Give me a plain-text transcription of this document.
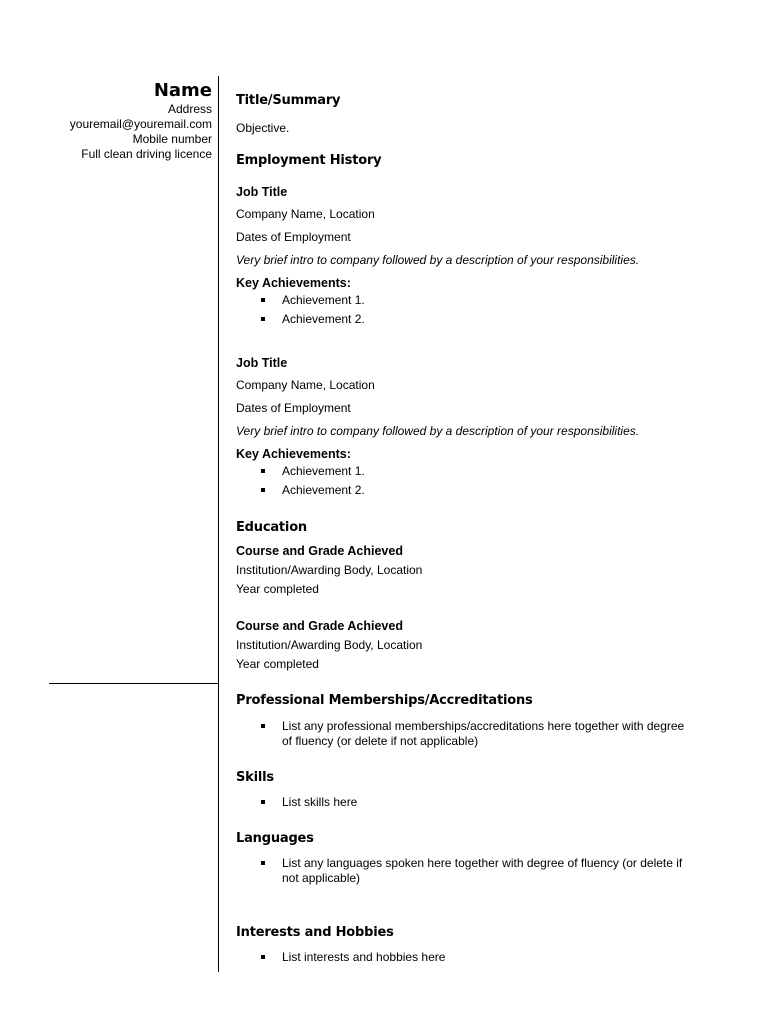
Name
Address
youremail@youremail.com
Mobile number
Full clean driving licence
Title/Summary
Objective.
Employment History
Job Title
Company Name, Location
Dates of Employment
Very brief intro to company followed by a description of your responsibilities.
Key Achievements:
Achievement 1.
Achievement 2.
Job Title
Company Name, Location
Dates of Employment
Very brief intro to company followed by a description of your responsibilities.
Key Achievements:
Achievement 1.
Achievement 2.
Education
Course and Grade Achieved
Institution/Awarding Body, Location
Year completed
Course and Grade Achieved
Institution/Awarding Body, Location
Year completed
Professional Memberships/Accreditations
List any professional memberships/accreditations here together with degree of fluency (or delete if not applicable)
Skills
List skills here
Languages
List any languages spoken here together with degree of fluency (or delete if not applicable)
Interests and Hobbies
List interests and hobbies here
